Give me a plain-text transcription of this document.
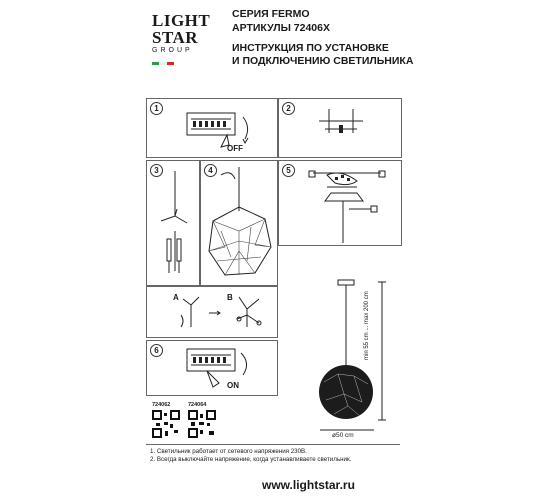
LIGHT
STAR
GROUP
СЕРИЯ FERMO
АРТИКУЛЫ 72406X
ИНСТРУКЦИЯ ПО УСТАНОВКЕ
И ПОДКЛЮЧЕНИЮ СВЕТИЛЬНИКА
1
OFF
2
3	4	5
A	B
6
ON
min 55 cm ... max 200 cm
ø50 cm
724062	724064
1. Светильник работает от сетевого напряжения 230В.
2. Всегда выключайте напряжение, когда устанавливаете светильник.
www.lightstar.ru
